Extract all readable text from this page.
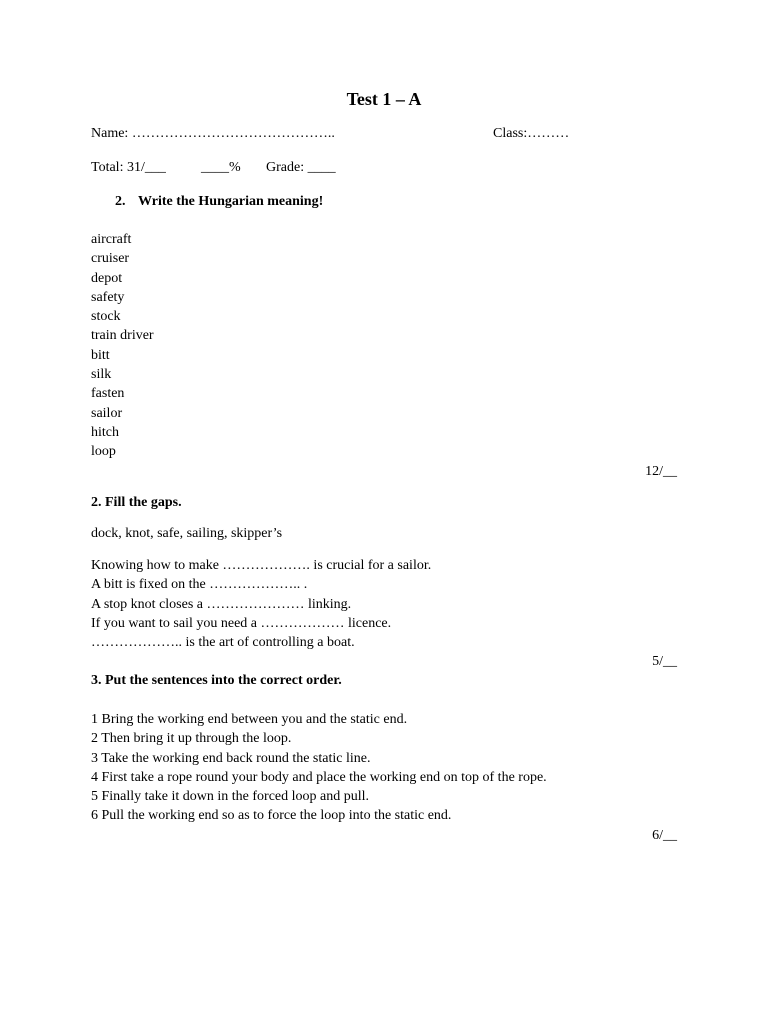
Test 1 – A
Name: ……………………………………..	Class:………
Total: 31/___	____% Grade: ____
2. Write the Hungarian meaning!
aircraft
cruiser
depot
safety
stock
train driver
bitt
silk
fasten
sailor
hitch
loop
12/__
2. Fill the gaps.
dock, knot, safe, sailing, skipper’s
Knowing how to make ………………. is crucial for a sailor.
A bitt is fixed on the ……………….. .
A stop knot closes a ………………… linking.
If you want to sail you need a ……………… licence.
……………….. is the art of controlling a boat.
5/__
3. Put the sentences into the correct order.
1 Bring the working end between you and the static end.
2 Then bring it up through the loop.
3 Take the working end back round the static line.
4 First take a rope round your body and place the working end on top of the rope.
5 Finally take it down in the forced loop and pull.
6 Pull the working end so as to force the loop into the static end.
6/__
